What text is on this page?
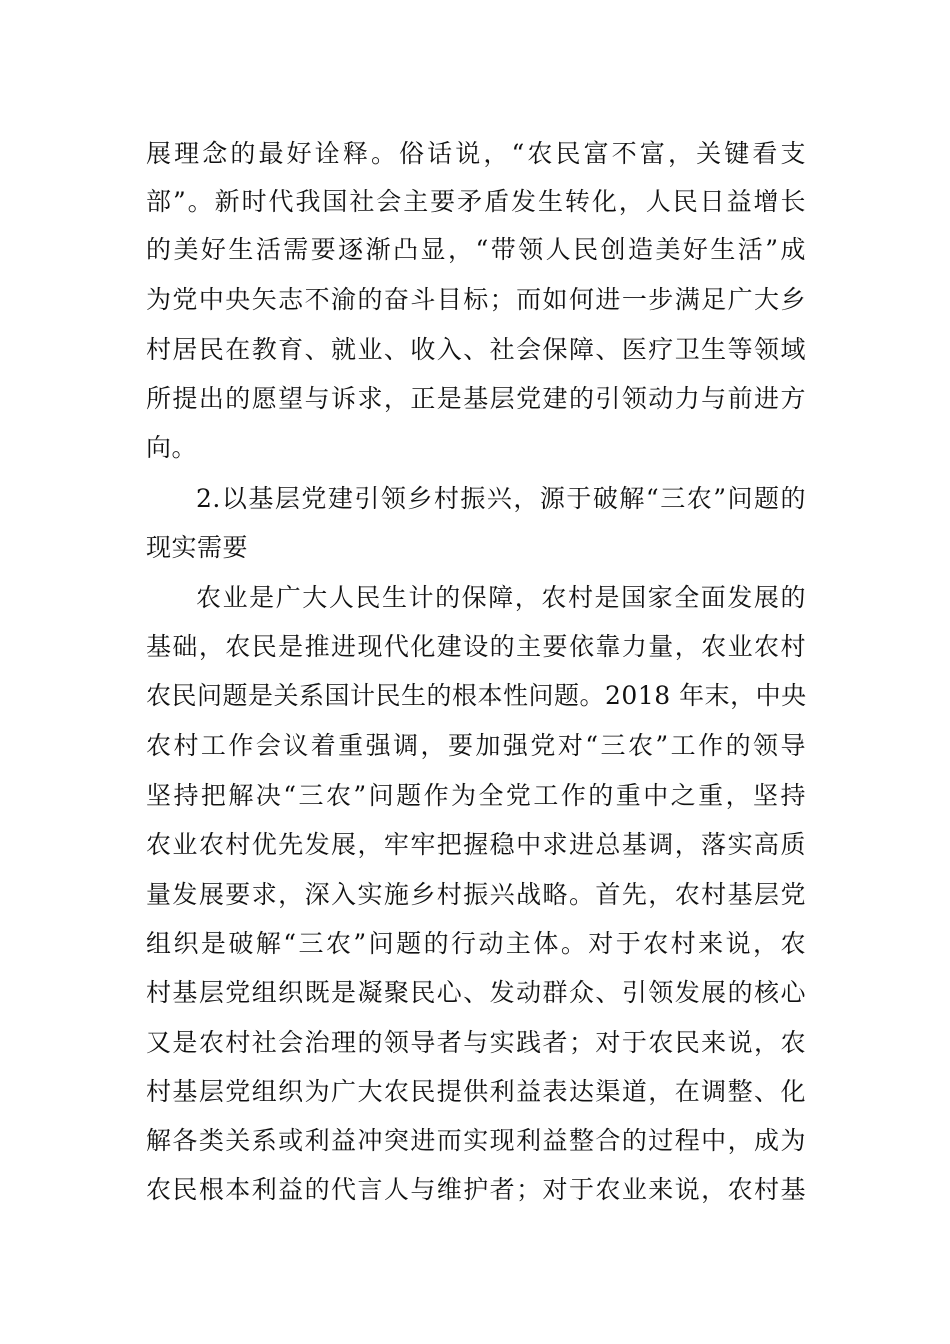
展理念的最好诠释。俗话说，“农民富不富，关键看支
部”。新时代我国社会主要矛盾发生转化，人民日益增长
的美好生活需要逐渐凸显，“带领人民创造美好生活”成
为党中央矢志不渝的奋斗目标；而如何进一步满足广大乡
村居民在教育、就业、收入、社会保障、医疗卫生等领域
所提出的愿望与诉求，正是基层党建的引领动力与前进方
向。
2.以基层党建引领乡村振兴，源于破解“三农”问题的
现实需要
农业是广大人民生计的保障，农村是国家全面发展的
基础，农民是推进现代化建设的主要依靠力量，农业农村
农民问题是关系国计民生的根本性问题。2018 年末，中央
农村工作会议着重强调，要加强党对“三农”工作的领导
坚持把解决“三农”问题作为全党工作的重中之重，坚持
农业农村优先发展，牢牢把握稳中求进总基调，落实高质
量发展要求，深入实施乡村振兴战略。首先，农村基层党
组织是破解“三农”问题的行动主体。对于农村来说，农
村基层党组织既是凝聚民心、发动群众、引领发展的核心
又是农村社会治理的领导者与实践者；对于农民来说，农
村基层党组织为广大农民提供利益表达渠道，在调整、化
解各类关系或利益冲突进而实现利益整合的过程中，成为
农民根本利益的代言人与维护者；对于农业来说，农村基
